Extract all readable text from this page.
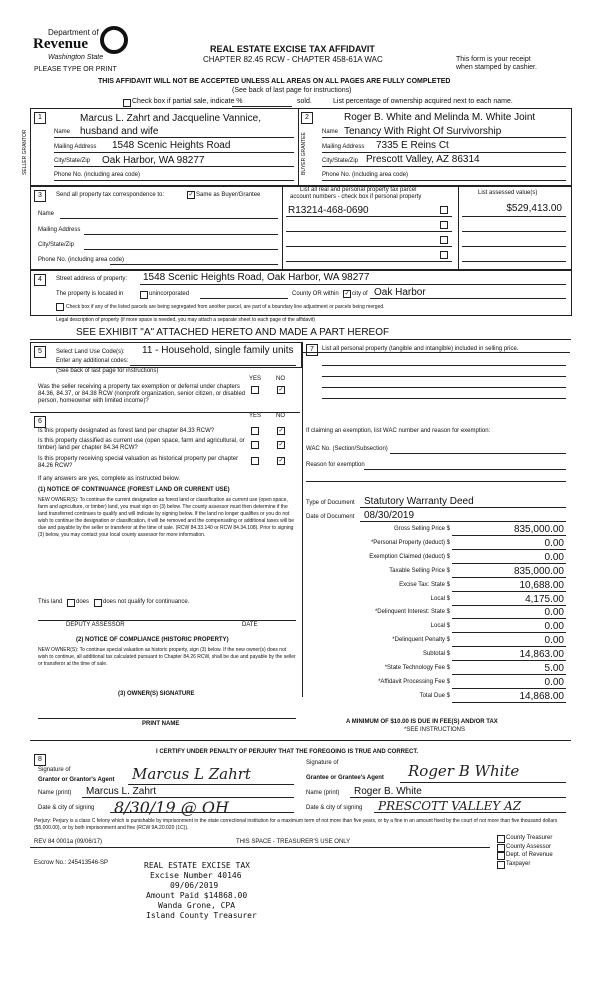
Department of
Revenue
Washington State
PLEASE TYPE OR PRINT
REAL ESTATE EXCISE TAX AFFIDAVIT
CHAPTER 82.45 RCW - CHAPTER 458-61A WAC	This form is your receipt
when stamped by cashier.
THIS AFFIDAVIT WILL NOT BE ACCEPTED UNLESS ALL AREAS ON ALL PAGES ARE FULLY COMPLETED
(See back of last page for instructions)
Check box if partial sale, indicate %	sold.	List percentage of ownership acquired next to each name.
1
SELLER GRANTOR
Marcus L. Zahrt and Jacqueline Vannice,
Name husband and wife
Mailing Address 1548 Scenic Heights Road
City/State/Zip Oak Harbor, WA 98277
Phone No. (including area code)
2
BUYER GRANTEE
Roger B. White and Melinda M. White Joint
Name Tenancy With Right Of Survivorship
Mailing Address 7335 E Reins Ct
City/State/Zip Prescott Valley, AZ 86314
Phone No. (including area code)
3	Send all property tax correspondence to:	✓ Same as Buyer/Grantee
Name
Mailing Address
City/State/Zip
Phone No. (including area code)
List all real and personal property tax parcel
account numbers - check box if personal property
List assessed value(s)
R13214-468-0690	$529,413.00
4	Street address of property: 1548 Scenic Heights Road, Oak Harbor, WA 98277
The property is located in	unincorporated	County OR within ✓ city of Oak Harbor
Check box if any of the listed parcels are being segregated from another parcel, are part of a boundary line adjustment or parcels being merged.
Legal description of property (if more space is needed, you may attach a separate sheet to each page of the affidavit)
SEE EXHIBIT "A" ATTACHED HERETO AND MADE A PART HEREOF
5	Select Land Use Code(s): 11 - Household, single family units
Enter any additional codes:
(See back of last page for instructions)
YES NO
Was the seller receiving a property tax exemption or deferral under chapters 84.36, 84.37, or 84.38 RCW (nonprofit organization, senior citizen, or disabled person, homeowner with limited income)?
✓
7	List all personal property (tangible and intangible) included in selling price.
6
YES NO
Is this property designated as forest land per chapter 84.33 RCW?	✓
Is this property classified as current use (open space, farm and agricultural, or timber) land per chapter 84.34 RCW?	✓
Is this property receiving special valuation as historical property per chapter 84.26 RCW?
✓
If any answers are yes, complete as instructed below.
(1) NOTICE OF CONTINUANCE (FOREST LAND OR CURRENT USE)
NEW OWNER(S): To continue the current designation as forest land or classification as current use (open space, farm and agriculture, or timber) land, you must sign on (3) below. The county assessor must then determine if the land transferred continues to qualify and will indicate by signing below. If the land no longer qualifies or you do not wish to continue the designation or classification, it will be removed and the compensating or additional taxes will be due and payable by the seller or transferor at the time of sale. (RCW 84.33.140 or RCW 84.34.108). Prior to signing (3) below, you may contact your local county assessor for more information.
This land does does not qualify for continuance.
DEPUTY ASSESSOR	DATE
(2) NOTICE OF COMPLIANCE (HISTORIC PROPERTY)
NEW OWNER(S): To continue special valuation as historic property, sign (3) below. If the new owner(s) does not wish to continue, all additional tax calculated pursuant to Chapter 84.26 RCW, shall be due and payable by the seller or transferor at the time of sale.
(3) OWNER(S) SIGNATURE
PRINT NAME
If claiming an exemption, list WAC number and reason for exemption:
WAC No. (Section/Subsection)
Reason for exemption
Type of Document Statutory Warranty Deed
Date of Document 08/30/2019
Gross Selling Price $	835,000.00
*Personal Property (deduct) $	0.00
Exemption Claimed (deduct) $	0.00
Taxable Selling Price $	835,000.00
Excise Tax: State $	10,688.00
Local $	4,175.00
*Delinquent Interest: State $	0.00
Local $	0.00
*Delinquent Penalty $	0.00
Subtotal $	14,863.00
*State Technology Fee $	5.00
*Affidavit Processing Fee $	0.00
Total Due $	14,868.00
A MINIMUM OF $10.00 IS DUE IN FEE(S) AND/OR TAX
*SEE INSTRUCTIONS
8
I CERTIFY UNDER PENALTY OF PERJURY THAT THE FOREGOING IS TRUE AND CORRECT.
Signature of
Grantor or Grantor's Agent Marcus L Zahrt
Name (print) Marcus L. Zahrt
Date & city of signing 8/30/19 @ OH
Signature of
Grantee or Grantee's Agent Roger B White
Name (print) Roger B. White
Date & city of signing PRESCOTT VALLEY AZ
Perjury: Perjury is a class C felony which is punishable by imprisonment in the state correctional institution for a maximum term of not more than five years, or by a fine in an amount fixed by the court of not more than five thousand dollars ($5,000.00), or by both imprisonment and fine (RCW 9A.20.020 (1C)).
REV 84 0001a (09/06/17)	THIS SPACE - TREASURER'S USE ONLY
Escrow No.: 245413546-SP
County Treasurer
County Assessor
Dept. of Revenue
Taxpayer
REAL ESTATE EXCISE TAX
Excise Number 40146
09/06/2019
Amount Paid $14868.00
Wanda Grone, CPA
Island County Treasurer
